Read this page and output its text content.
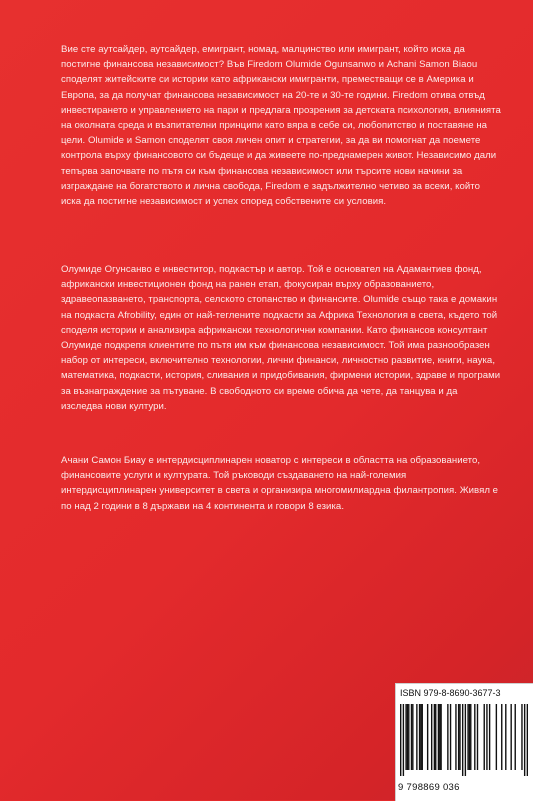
Вие сте аутсайдер, аутсайдер, емигрант, номад, малцинство или имигрант, който иска да постигне финансова независимост? Във Firedom Olumide Ogunsanwo и Achani Samon Biaou споделят житейските си истории като африкански имигранти, преместващи се в Америка и Европа, за да получат финансова независимост на 20-те и 30-те години. Firedom отива отвъд инвестирането и управлението на пари и предлага прозрения за детската психология, влиянията на околната среда и възпитателни принципи като вяра в себе си, любопитство и поставяне на цели. Olumide и Samon споделят своя личен опит и стратегии, за да ви помогнат да поемете контрола върху финансовото си бъдеще и да живеете по-преднамерен живот. Независимо дали тепърва започвате по пътя си към финансова независимост или търсите нови начини за изграждане на богатството и лична свобода, Firedom е задължително четиво за всеки, който иска да постигне независимост и успех според собствените си условия.

Олумиде Огунсанво е инвеститор, подкастър и автор. Той е основател на Адамантиев фонд, африкански инвестиционен фонд на ранен етап, фокусиран върху образованието, здравеопазването, транспорта, селското стопанство и финансите. Olumide също така е домакин на подкаста Afrobility, един от най-теглените подкасти за Африка Технология в света, където той споделя истории и анализира африкански технологични компании. Като финансов консултант Олумиде подкрепя клиентите по пътя им към финансова независимост. Той има разнообразен набор от интереси, включително технологии, лични финанси, личностно развитие, книги, наука, математика, подкасти, история, сливания и придобивания, фирмени истории, здраве и програми за възнаграждение за пътуване. В свободното си време обича да чете, да танцува и да изследва нови култури.

Ачани Самон Биау е интердисциплинарен новатор с интереси в областта на образованието, финансовите услуги и културата. Той ръководи създаването на най-големия интердисциплинарен университет в света и организира многомилиардна филантропия. Живял е по над 2 години в 8 държави на 4 континента и говори 8 езика.

ISBN 979-8-8690-3677-3
9 798869 036
